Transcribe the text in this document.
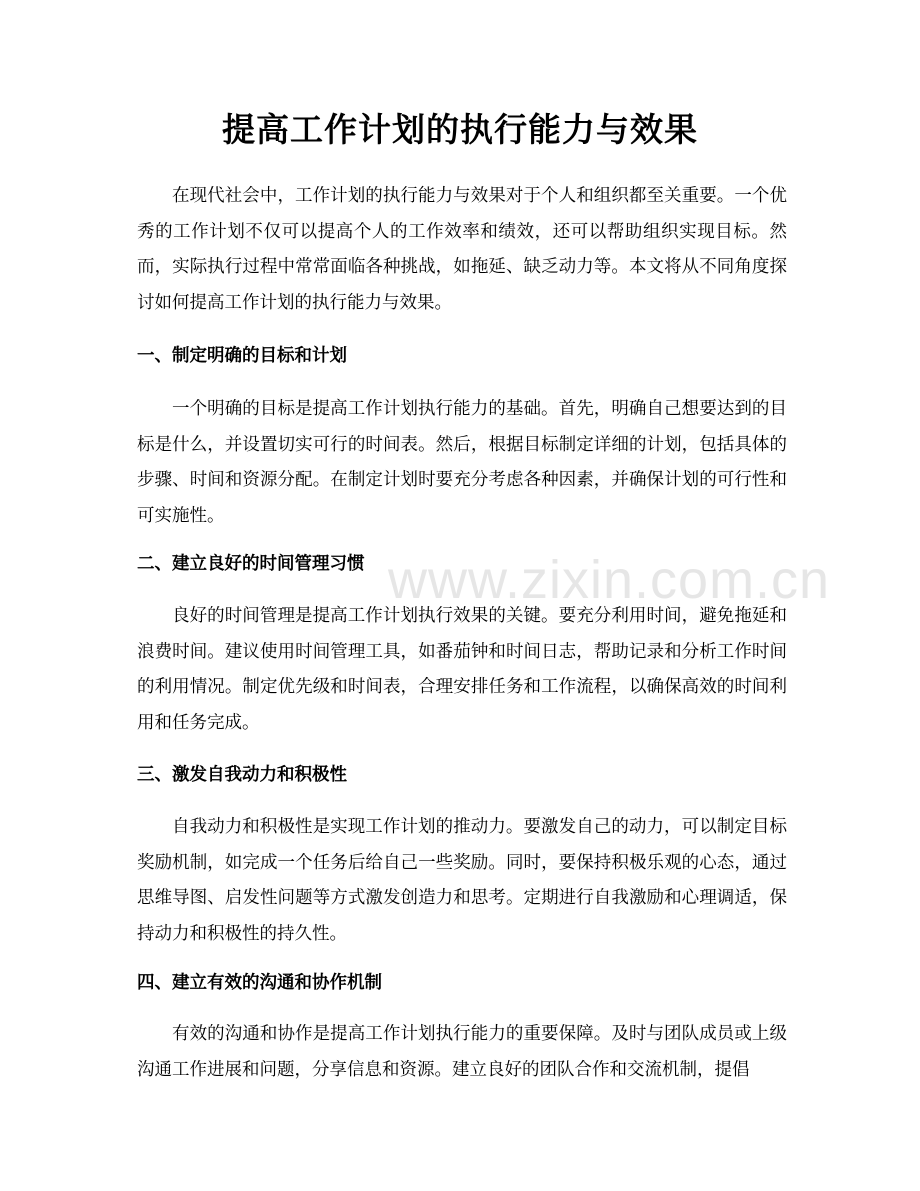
www.zixin.com.cn
提高工作计划的执行能力与效果

在现代社会中，工作计划的执行能力与效果对于个人和组织都至关重要。一个优秀的工作计划不仅可以提高个人的工作效率和绩效，还可以帮助组织实现目标。然而，实际执行过程中常常面临各种挑战，如拖延、缺乏动力等。本文将从不同角度探讨如何提高工作计划的执行能力与效果。

一、制定明确的目标和计划

一个明确的目标是提高工作计划执行能力的基础。首先，明确自己想要达到的目标是什么，并设置切实可行的时间表。然后，根据目标制定详细的计划，包括具体的步骤、时间和资源分配。在制定计划时要充分考虑各种因素，并确保计划的可行性和可实施性。

二、建立良好的时间管理习惯

良好的时间管理是提高工作计划执行效果的关键。要充分利用时间，避免拖延和浪费时间。建议使用时间管理工具，如番茄钟和时间日志，帮助记录和分析工作时间的利用情况。制定优先级和时间表，合理安排任务和工作流程，以确保高效的时间利用和任务完成。

三、激发自我动力和积极性

自我动力和积极性是实现工作计划的推动力。要激发自己的动力，可以制定目标奖励机制，如完成一个任务后给自己一些奖励。同时，要保持积极乐观的心态，通过思维导图、启发性问题等方式激发创造力和思考。定期进行自我激励和心理调适，保持动力和积极性的持久性。

四、建立有效的沟通和协作机制

有效的沟通和协作是提高工作计划执行能力的重要保障。及时与团队成员或上级沟通工作进展和问题，分享信息和资源。建立良好的团队合作和交流机制，提倡
